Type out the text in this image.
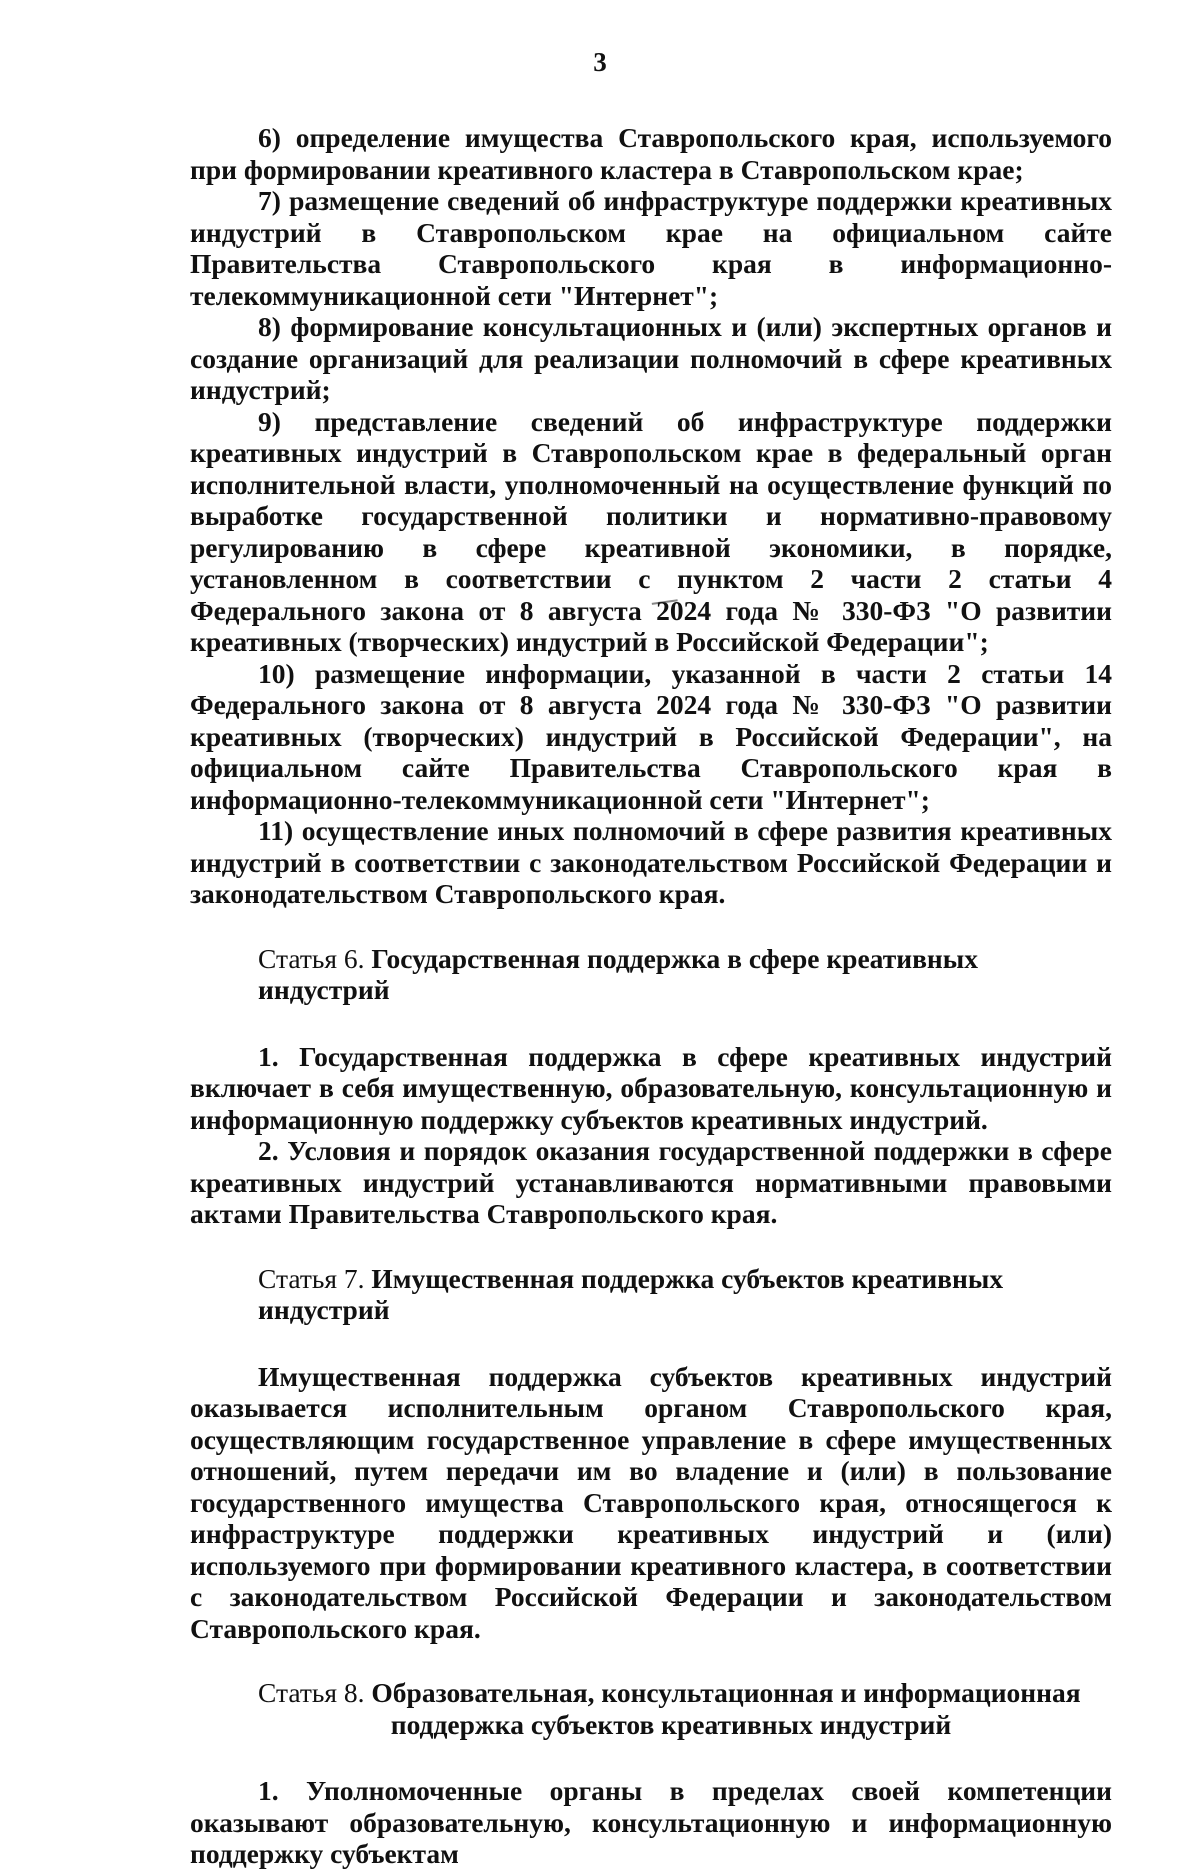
3

6) определение имущества Ставропольского края, используемого при формировании креативного кластера в Ставропольском крае;

7) размещение сведений об инфраструктуре поддержки креативных индустрий в Ставропольском крае на официальном сайте Правительства Ставропольского края в информационно-телекоммуникационной сети "Интернет";

8) формирование консультационных и (или) экспертных органов и создание организаций для реализации полномочий в сфере креативных индустрий;

9) представление сведений об инфраструктуре поддержки креативных индустрий в Ставропольском крае в федеральный орган исполнительной власти, уполномоченный на осуществление функций по выработке государственной политики и нормативно-правовому регулированию в сфере креативной экономики, в порядке, установленном в соответствии с пунктом 2 части 2 статьи 4 Федерального закона от 8 августа 2024 года № 330-ФЗ "О развитии креативных (творческих) индустрий в Российской Федерации";

10) размещение информации, указанной в части 2 статьи 14 Федерального закона от 8 августа 2024 года № 330-ФЗ "О развитии креативных (творческих) индустрий в Российской Федерации", на официальном сайте Правительства Ставропольского края в информационно-телекоммуникационной сети "Интернет";

11) осуществление иных полномочий в сфере развития креативных индустрий в соответствии с законодательством Российской Федерации и законодательством Ставропольского края.

Статья 6. Государственная поддержка в сфере креативных индустрий

1. Государственная поддержка в сфере креативных индустрий включает в себя имущественную, образовательную, консультационную и информационную поддержку субъектов креативных индустрий.

2. Условия и порядок оказания государственной поддержки в сфере креативных индустрий устанавливаются нормативными правовыми актами Правительства Ставропольского края.

Статья 7. Имущественная поддержка субъектов креативных индустрий

Имущественная поддержка субъектов креативных индустрий оказывается исполнительным органом Ставропольского края, осуществляющим государственное управление в сфере имущественных отношений, путем передачи им во владение и (или) в пользование государственного имущества Ставропольского края, относящегося к инфраструктуре поддержки креативных индустрий и (или) используемого при формировании креативного кластера, в соответствии с законодательством Российской Федерации и законодательством Ставропольского края.

Статья 8. Образовательная, консультационная и информационная
поддержка субъектов креативных индустрий

1. Уполномоченные органы в пределах своей компетенции оказывают образовательную, консультационную и информационную поддержку субъектам
